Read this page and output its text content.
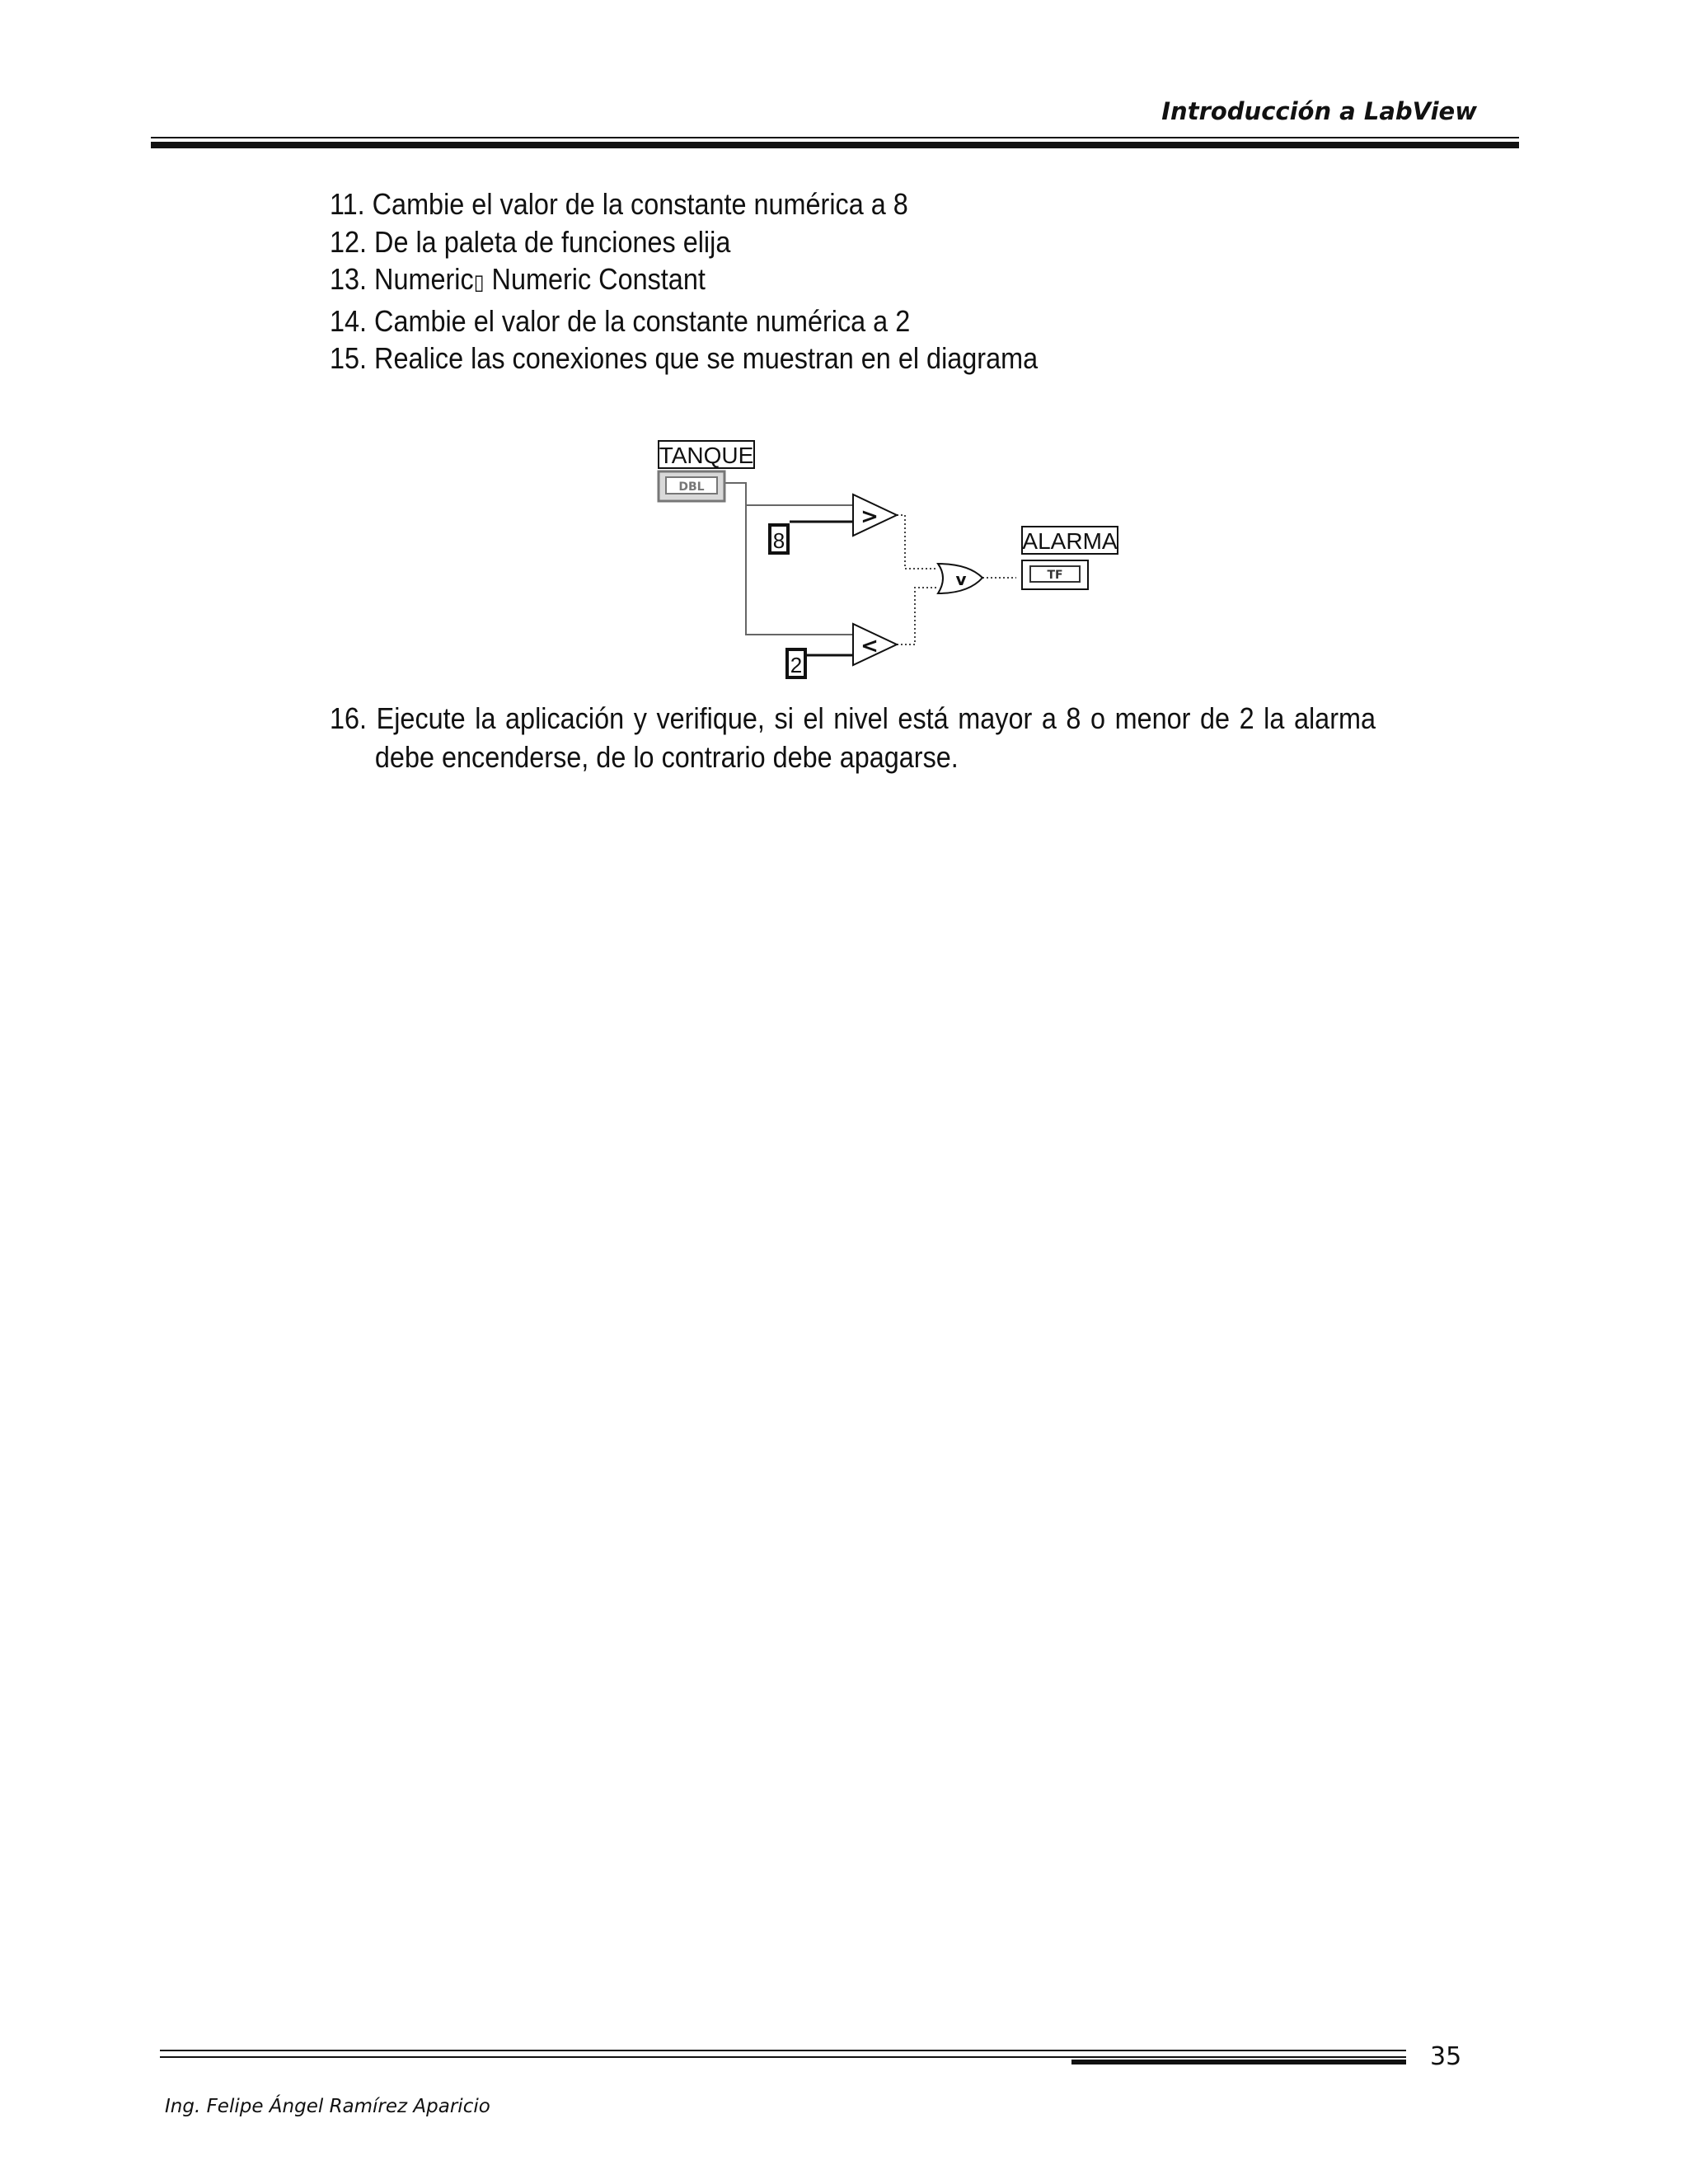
Introducción a LabView
11. Cambie el valor de la constante numérica a 8
12. De la paleta de funciones elija
13. Numeric▯ Numeric Constant
14. Cambie el valor de la constante numérica a 2
15. Realice las conexiones que se muestran en el diagrama
TANQUE
DBL
8
2
>
<
v
ALARMA
TF
16. Ejecute la aplicación y verifique, si el nivel está mayor a 8 o menor de 2 la alarma
debe encenderse, de lo contrario debe apagarse.
35
Ing. Felipe Ángel Ramírez Aparicio
